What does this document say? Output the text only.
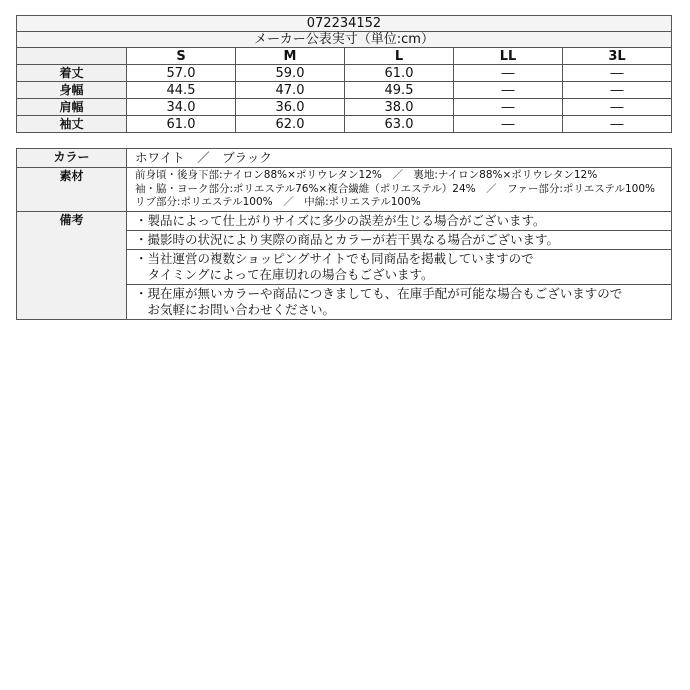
072234152					
メーカー公表実寸（単位:cm）					
	S	M	L	LL	3L
着丈	57.0	59.0	61.0	―	―
身幅	44.5	47.0	49.5	―	―
肩幅	34.0	36.0	38.0	―	―
袖丈	61.0	62.0	63.0	―	―
カラー	ホワイト　／　ブラック
素材	前身頃・後身下部:ナイロン88%×ポリウレタン12%　／　裏地:ナイロン88%×ポリウレタン12%
袖・脇・ヨーク部分:ポリエステル76%×複合繊維（ポリエステル）24%　／　ファー部分:ポリエステル100%
リブ部分:ポリエステル100%　／　中綿:ポリエステル100%

備考	・製品によって仕上がりサイズに多少の誤差が生じる場合がございます。

	・撮影時の状況により実際の商品とカラーが若干異なる場合がございます。

	・当社運営の複数ショッピングサイトでも同商品を掲載していますので
　タイミングによって在庫切れの場合もございます。

	・現在庫が無いカラーや商品につきましても、在庫手配が可能な場合もございますので
　お気軽にお問い合わせください。
